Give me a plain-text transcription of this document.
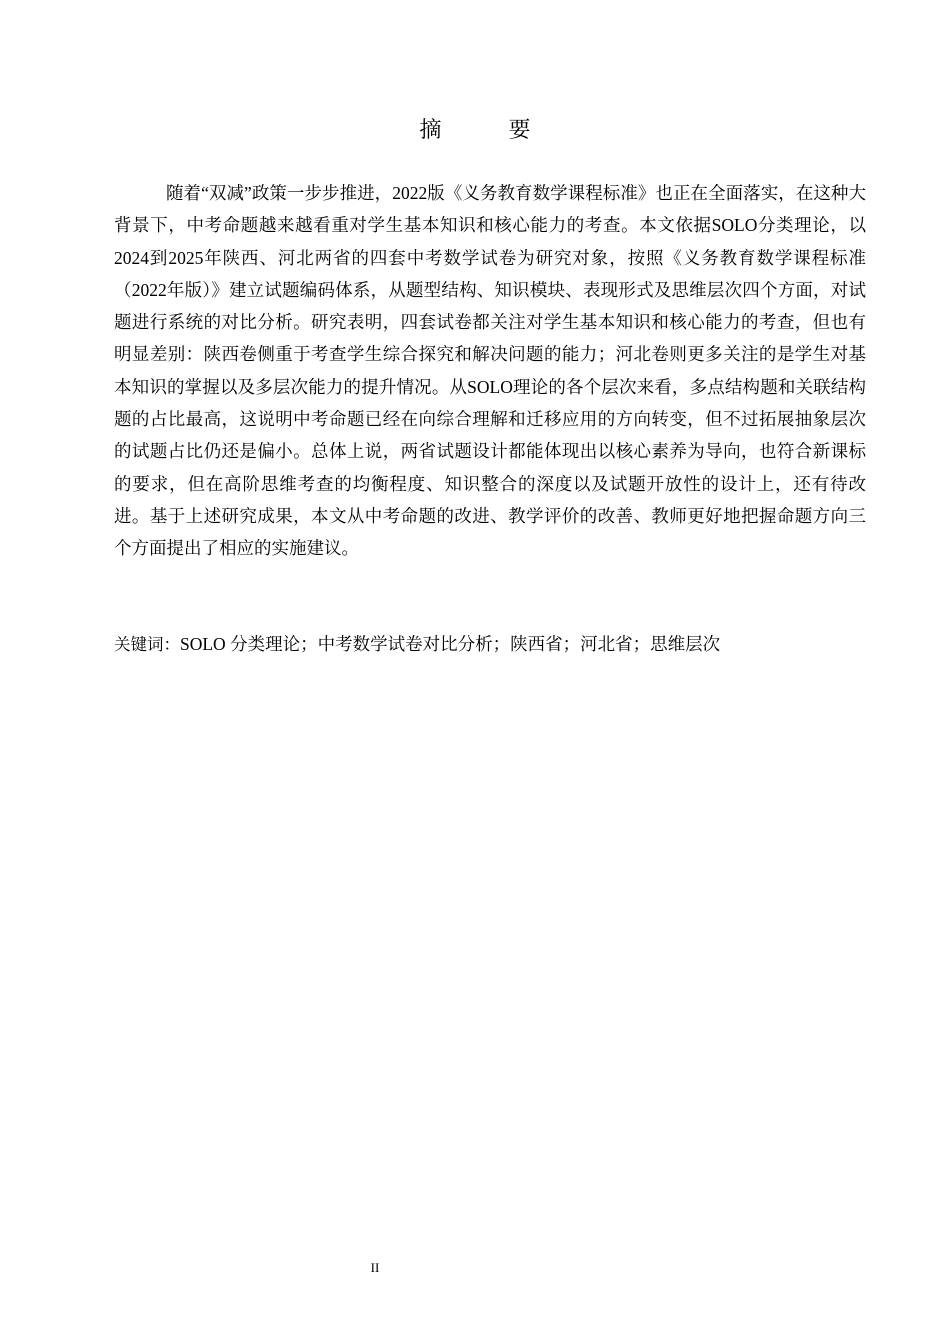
摘 要

随着“双减”政策一步步推进，2022版《义务教育数学课程标准》也正在全面落实，在这种大背景下，中考命题越来越看重对学生基本知识和核心能力的考查。本文依据SOLO分类理论，以2024到2025年陕西、河北两省的四套中考数学试卷为研究对象，按照《义务教育数学课程标准（2022年版）》建立试题编码体系，从题型结构、知识模块、表现形式及思维层次四个方面，对试题进行系统的对比分析。研究表明，四套试卷都关注对学生基本知识和核心能力的考查，但也有明显差别：陕西卷侧重于考查学生综合探究和解决问题的能力；河北卷则更多关注的是学生对基本知识的掌握以及多层次能力的提升情况。从SOLO理论的各个层次来看，多点结构题和关联结构题的占比最高，这说明中考命题已经在向综合理解和迁移应用的方向转变，但不过拓展抽象层次的试题占比仍还是偏小。总体上说，两省试题设计都能体现出以核心素养为导向，也符合新课标的要求，但在高阶思维考查的均衡程度、知识整合的深度以及试题开放性的设计上，还有待改进。基于上述研究成果，本文从中考命题的改进、教学评价的改善、教师更好地把握命题方向三个方面提出了相应的实施建议。

关键词：SOLO 分类理论；中考数学试卷对比分析；陕西省；河北省；思维层次
II
